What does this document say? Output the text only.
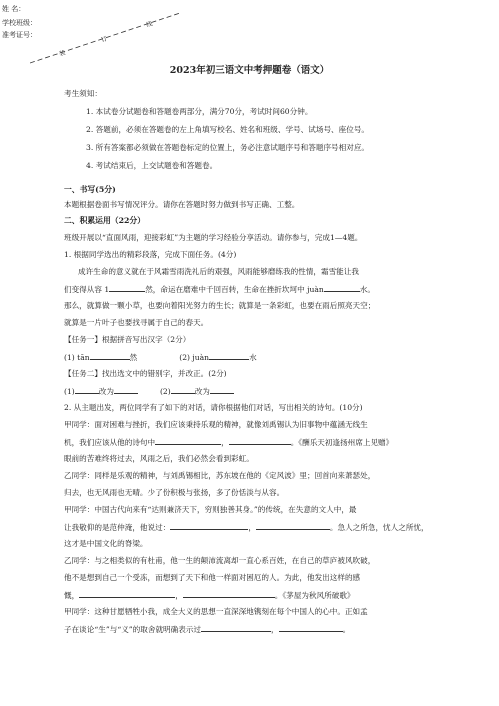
姓 名：
学校班级：
准考证号：
装
订
线
2023年初三语文中考押题卷（语文）
考生须知：
1. 本试卷分试题卷和答题卷两部分，满分70分，考试时间60分钟。
2. 答题前，必须在答题卷的左上角填写校名、姓名和班级、学号、试场号、座位号。
3. 所有答案都必须做在答题卷标定的位置上，务必注意试题序号和答题序号相对应。
4. 考试结束后，上交试题卷和答题卷。
一、书写(5分)
本题根据卷面书写情况评分。请你在答题时努力做到书写正确、工整。
二、积累运用（22分）
班级开展以“直面风雨，迎接彩虹”为主题的学习经验分享活动。请你参与，完成1—4题。
1. 根据同学选出的精彩段落，完成下面任务。(4分)
成许生命的意义就在于风霜雪雨洗礼后的艰强，风雨能够磨练我的性情，霜雪能让我
们变得从容 1	然，命运在磨难中千回百转，生命在挫折坎坷中 juàn	水。
那么，就算做一颗小草，也要向着阳光努力的生长；就算是一条彩虹，也要在雨后照亮天空；
就算是一片叶子也要找寻属于自己的春天。
【任务一】根据拼音写出汉字（2分）
(1) tān	然	(2) juàn	水
【任务二】找出选文中的错别字，并改正。(2分)
(1)	改为	(2)	改为
2. 从主题出发，两位同学有了如下的对话，请你根据他们对话，写出相关的诗句。(10分)
甲同学：面对困难与挫折，我们应该秉持乐观的精神，就像刘禹锡认为旧事物中蕴涵无线生
机，我们应该从他的诗句中	，	。《酬乐天初逢扬州席上见赠》
眼前的苦难终将过去，风雨之后，我们必然会看到彩虹。
乙同学：同样是乐观的精神，与刘禹锡相比，苏东坡在他的《定风波》里；回首向来萧瑟处，
归去，也无风雨也无晴。少了份积极与张扬，多了份恬淡与从容。
甲同学：中国古代向来有“达则兼济天下，穷则独善其身。”的传统，在失意的文人中，最
让我敬仰的是范仲淹，他说过：	，	。急人之所急，忧人之所忧，
这才是中国文化的脊梁。
乙同学：与之相类似的有杜甫，他一生的颠沛流离却一直心系百姓，在自己的草庐被风吹破，
他不是想到自己一个受冻，而想到了天下和他一样面对困厄的人。为此，他发出这样的感
慨，	，	。《茅屋为秋风所破歌》
甲同学：这种甘愿牺牲小我，成全大义的思想一直深深地镌刻在每个中国人的心中。正如孟
子在谈论“生”与“义”的取舍就明确表示过	，	。
